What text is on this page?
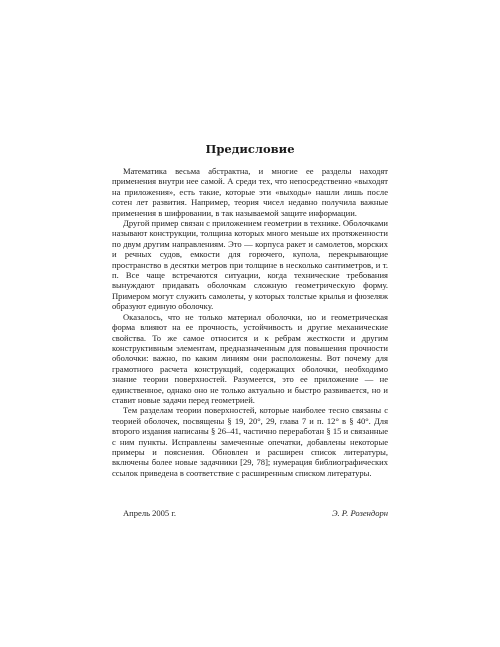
Предисловие

Математика весьма абстрактна, и многие ее разделы находят применения внутри нее самой. А среди тех, что непосредственно «выходят на приложения», есть такие, которые эти «выходы» нашли лишь после сотен лет развития. Например, теория чисел недавно получила важные применения в шифровании, в так называемой защите информации.

Другой пример связан с приложением геометрии в технике. Оболочками называют конструкции, толщина которых много меньше их протяженности по двум другим направлениям. Это — корпуса ракет и самолетов, морских и речных судов, емкости для горючего, купола, перекрывающие пространство в десятки метров при толщине в несколько сантиметров, и т. п. Все чаще встречаются ситуации, когда технические требования вынуждают придавать оболочкам сложную геометрическую форму. Примером могут служить самолеты, у которых толстые крылья и фюзеляж образуют единую оболочку.

Оказалось, что не только материал оболочки, но и геометрическая форма влияют на ее прочность, устойчивость и другие механические свойства. То же самое относится и к ребрам жесткости и другим конструктивным элементам, предназначенным для повышения прочности оболочки: важно, по каким линиям они расположены. Вот почему для грамотного расчета конструкций, содержащих оболочки, необходимо знание теории поверхностей. Разумеется, это ее приложение — не единственное, однако оно не только актуально и быстро развивается, но и ставит новые задачи перед геометрией.

Тем разделам теории поверхностей, которые наиболее тесно связаны с теорией оболочек, посвящены § 19, 20°, 29, глава 7 и п. 12° в § 40°. Для второго издания написаны § 26–41, частично переработан § 15 и связанные с ним пункты. Исправлены замеченные опечатки, добавлены некоторые примеры и пояснения. Обновлен и расширен список литературы, включены более новые задачники [29, 78]; нумерация библиографических ссылок приведена в соответствие с расширенным списком литературы.

Апрель 2005 г.	Э. Р. Розендорн
